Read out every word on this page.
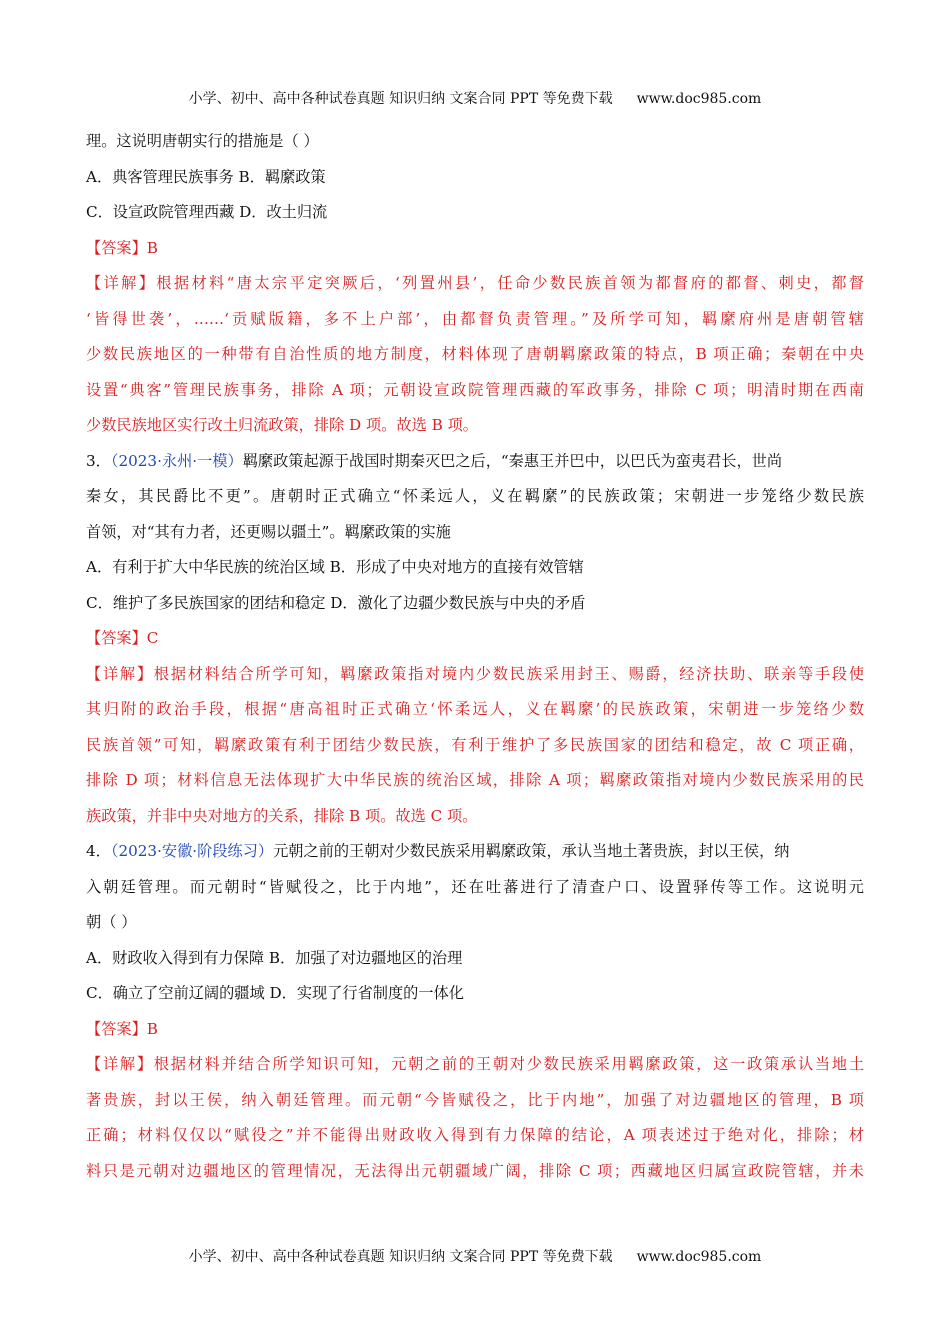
小学、初中、高中各种试卷真题 知识归纳 文案合同 PPT 等免费下载 www.doc985.com

理。这说明唐朝实行的措施是（ ）

A．典客管理民族事务 B．羁縻政策

C．设宣政院管理西藏 D．改土归流

【答案】B

【详解】根据材料“唐太宗平定突厥后，‘列置州县’，任命少数民族首领为都督府的都督、刺史，都督

‘皆得世袭’，……‘贡赋版籍，多不上户部’，由都督负责管理。”及所学可知，羁縻府州是唐朝管辖

少数民族地区的一种带有自治性质的地方制度，材料体现了唐朝羁縻政策的特点，B 项正确；秦朝在中央

设置“典客”管理民族事务，排除 A 项；元朝设宣政院管理西藏的军政事务，排除 C 项；明清时期在西南

少数民族地区实行改土归流政策，排除 D 项。故选 B 项。

3．（2023·永州·一模）羁縻政策起源于战国时期秦灭巴之后，“秦惠王并巴中，以巴氏为蛮夷君长，世尚

秦女，其民爵比不更”。唐朝时正式确立“怀柔远人，义在羁縻”的民族政策；宋朝进一步笼络少数民族

首领，对“其有力者，还更赐以疆土”。羁縻政策的实施

A．有利于扩大中华民族的统治区域 B．形成了中央对地方的直接有效管辖

C．维护了多民族国家的团结和稳定 D．激化了边疆少数民族与中央的矛盾

【答案】C

【详解】根据材料结合所学可知，羁縻政策指对境内少数民族采用封王、赐爵，经济扶助、联亲等手段使

其归附的政治手段，根据“唐高祖时正式确立‘怀柔远人，义在羁縻’的民族政策，宋朝进一步笼络少数

民族首领”可知，羁縻政策有利于团结少数民族，有利于维护了多民族国家的团结和稳定，故 C 项正确，

排除 D 项；材料信息无法体现扩大中华民族的统治区域，排除 A 项；羁縻政策指对境内少数民族采用的民

族政策，并非中央对地方的关系，排除 B 项。故选 C 项。

4．（2023·安徽·阶段练习）元朝之前的王朝对少数民族采用羁縻政策，承认当地土著贵族，封以王侯，纳

入朝廷管理。而元朝时“皆赋役之，比于内地”，还在吐蕃进行了清查户口、设置驿传等工作。这说明元

朝（ ）

A．财政收入得到有力保障 B．加强了对边疆地区的治理

C．确立了空前辽阔的疆域 D．实现了行省制度的一体化

【答案】B

【详解】根据材料并结合所学知识可知，元朝之前的王朝对少数民族采用羁縻政策，这一政策承认当地土

著贵族，封以王侯，纳入朝廷管理。而元朝“今皆赋役之，比于内地”，加强了对边疆地区的管理，B 项

正确；材料仅仅以“赋役之”并不能得出财政收入得到有力保障的结论，A 项表述过于绝对化，排除；材

料只是元朝对边疆地区的管理情况，无法得出元朝疆域广阔，排除 C 项；西藏地区归属宣政院管辖，并未

小学、初中、高中各种试卷真题 知识归纳 文案合同 PPT 等免费下载 www.doc985.com
